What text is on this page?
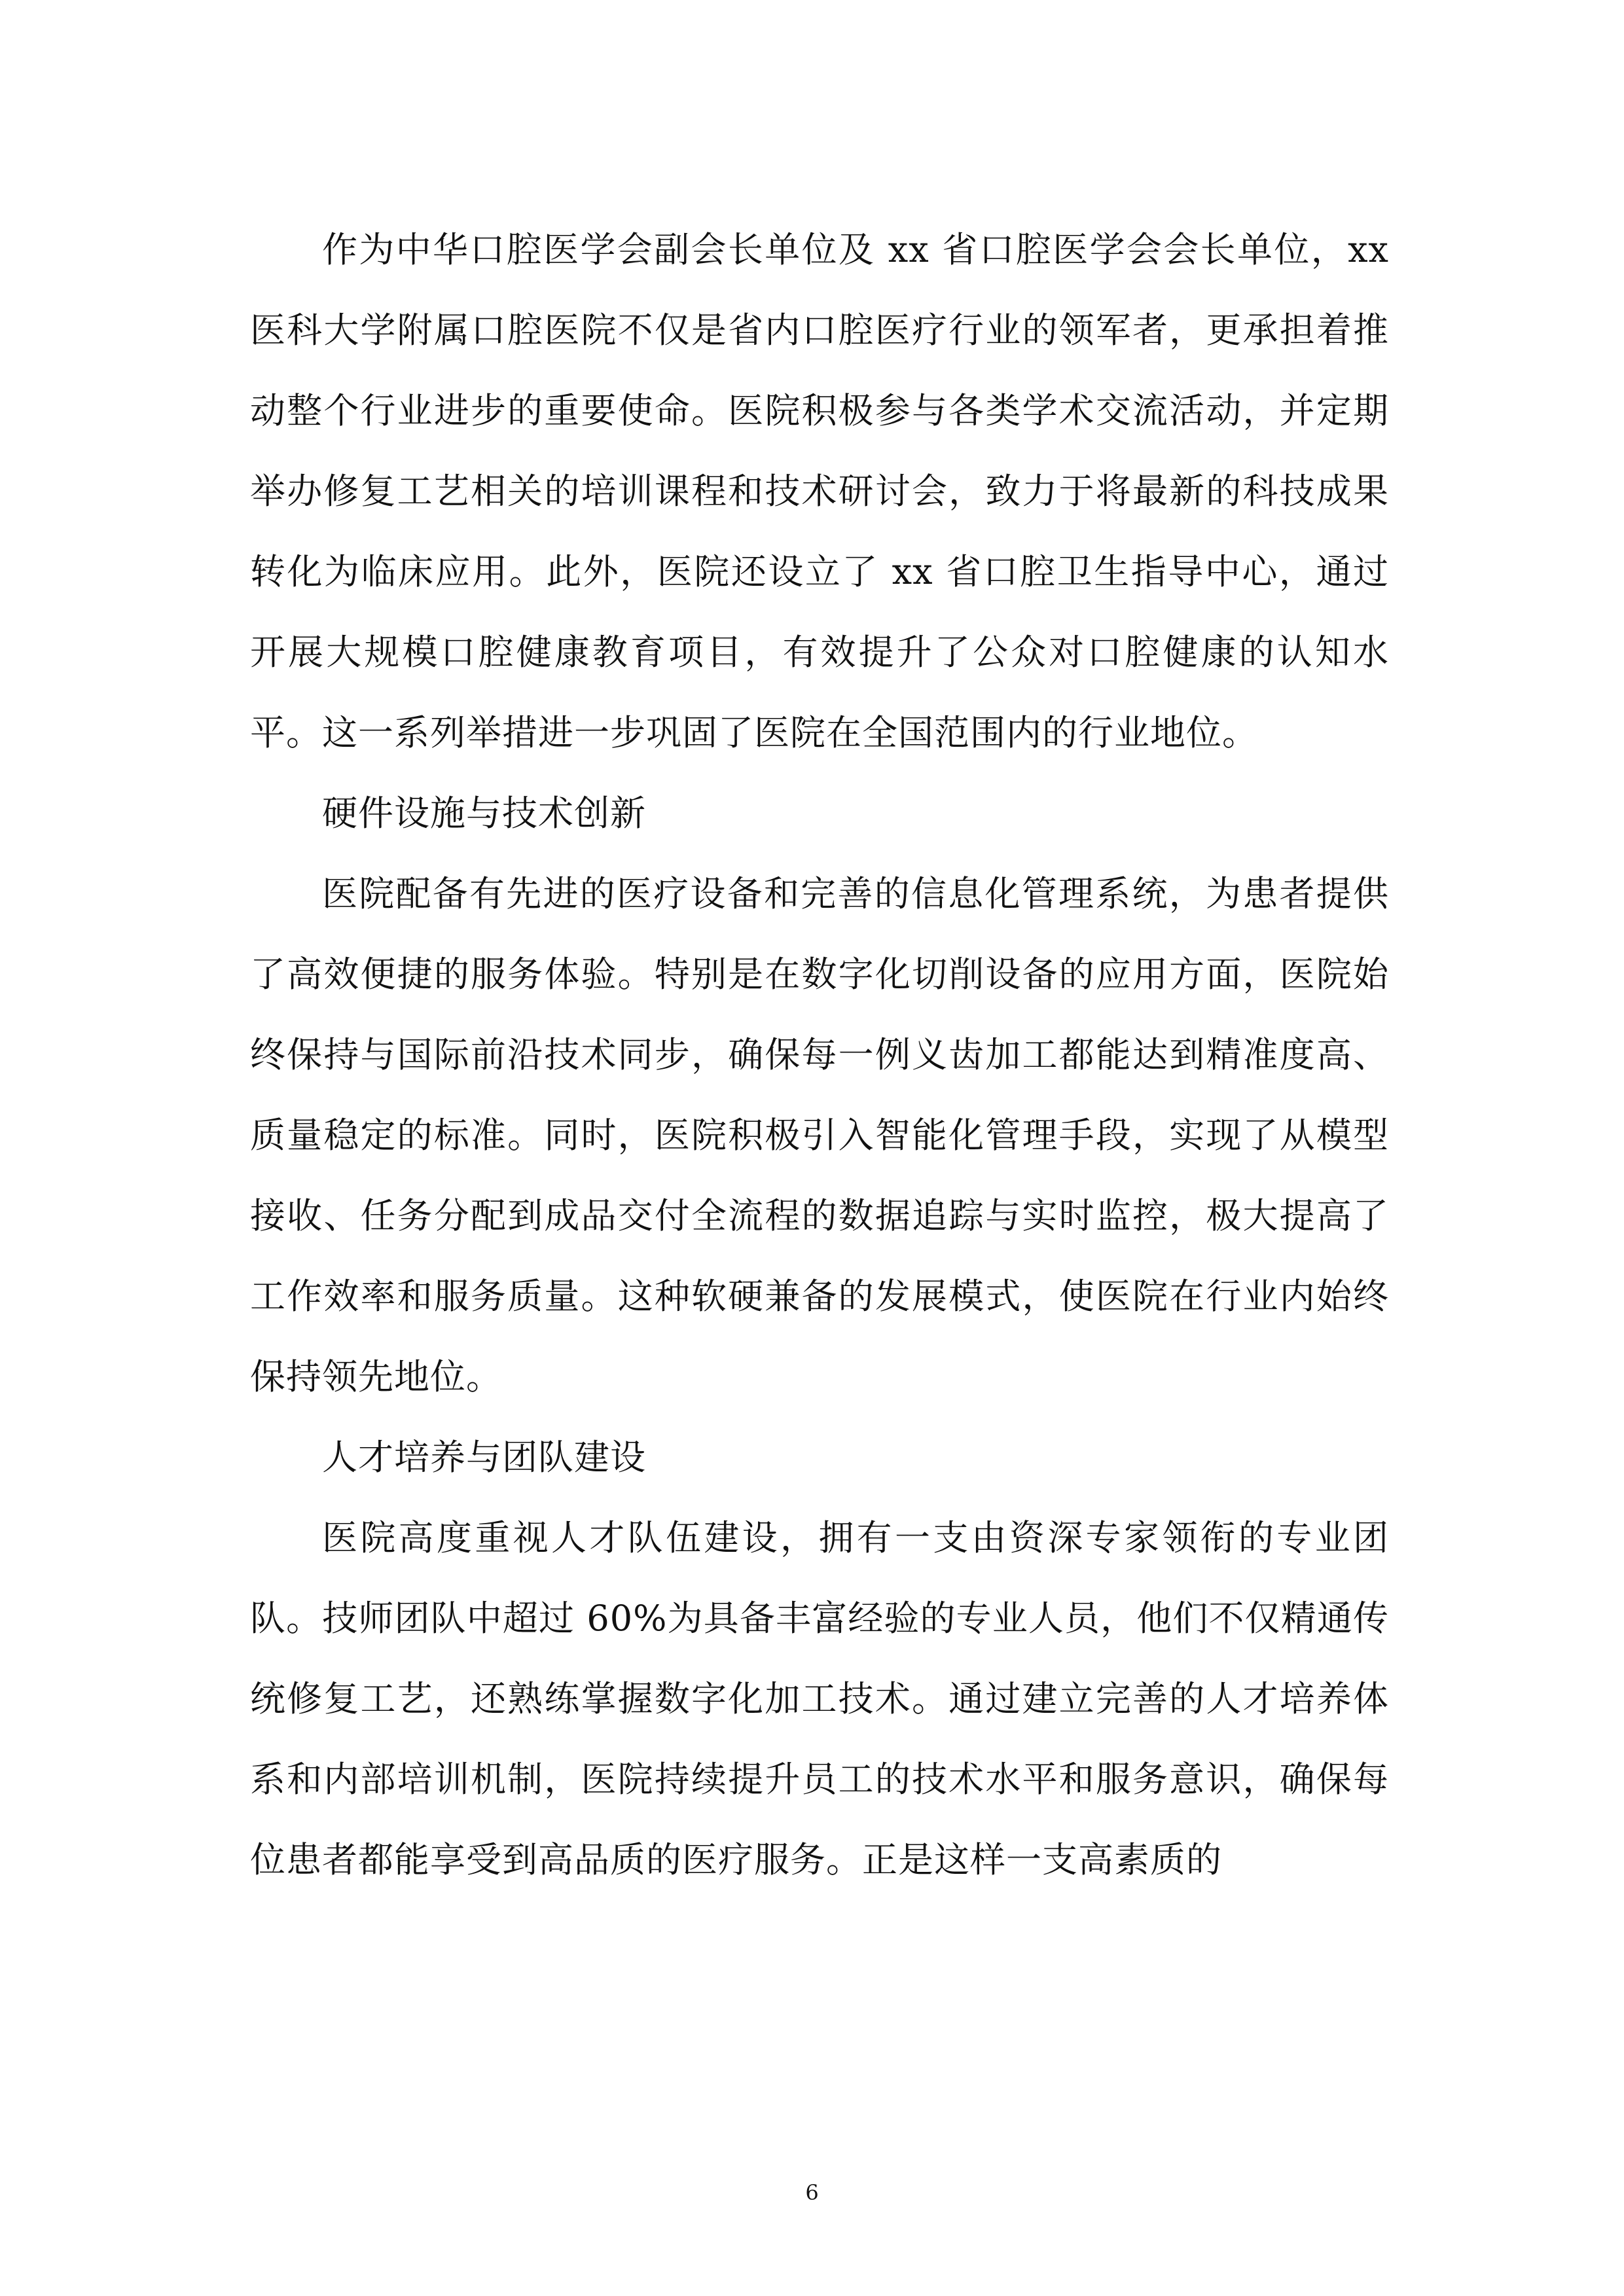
作为中华口腔医学会副会长单位及 xx 省口腔医学会会长单位，xx 医科大学附属口腔医院不仅是省内口腔医疗行业的领军者，更承担着推动整个行业进步的重要使命。医院积极参与各类学术交流活动，并定期举办修复工艺相关的培训课程和技术研讨会，致力于将最新的科技成果转化为临床应用。此外，医院还设立了 xx 省口腔卫生指导中心，通过开展大规模口腔健康教育项目，有效提升了公众对口腔健康的认知水平。这一系列举措进一步巩固了医院在全国范围内的行业地位。

硬件设施与技术创新

医院配备有先进的医疗设备和完善的信息化管理系统，为患者提供了高效便捷的服务体验。特别是在数字化切削设备的应用方面，医院始终保持与国际前沿技术同步，确保每一例义齿加工都能达到精准度高、质量稳定的标准。同时，医院积极引入智能化管理手段，实现了从模型接收、任务分配到成品交付全流程的数据追踪与实时监控，极大提高了工作效率和服务质量。这种软硬兼备的发展模式，使医院在行业内始终保持领先地位。

人才培养与团队建设

医院高度重视人才队伍建设，拥有一支由资深专家领衔的专业团队。技师团队中超过 60%为具备丰富经验的专业人员，他们不仅精通传统修复工艺，还熟练掌握数字化加工技术。通过建立完善的人才培养体系和内部培训机制，医院持续提升员工的技术水平和服务意识，确保每位患者都能享受到高品质的医疗服务。正是这样一支高素质的

6
